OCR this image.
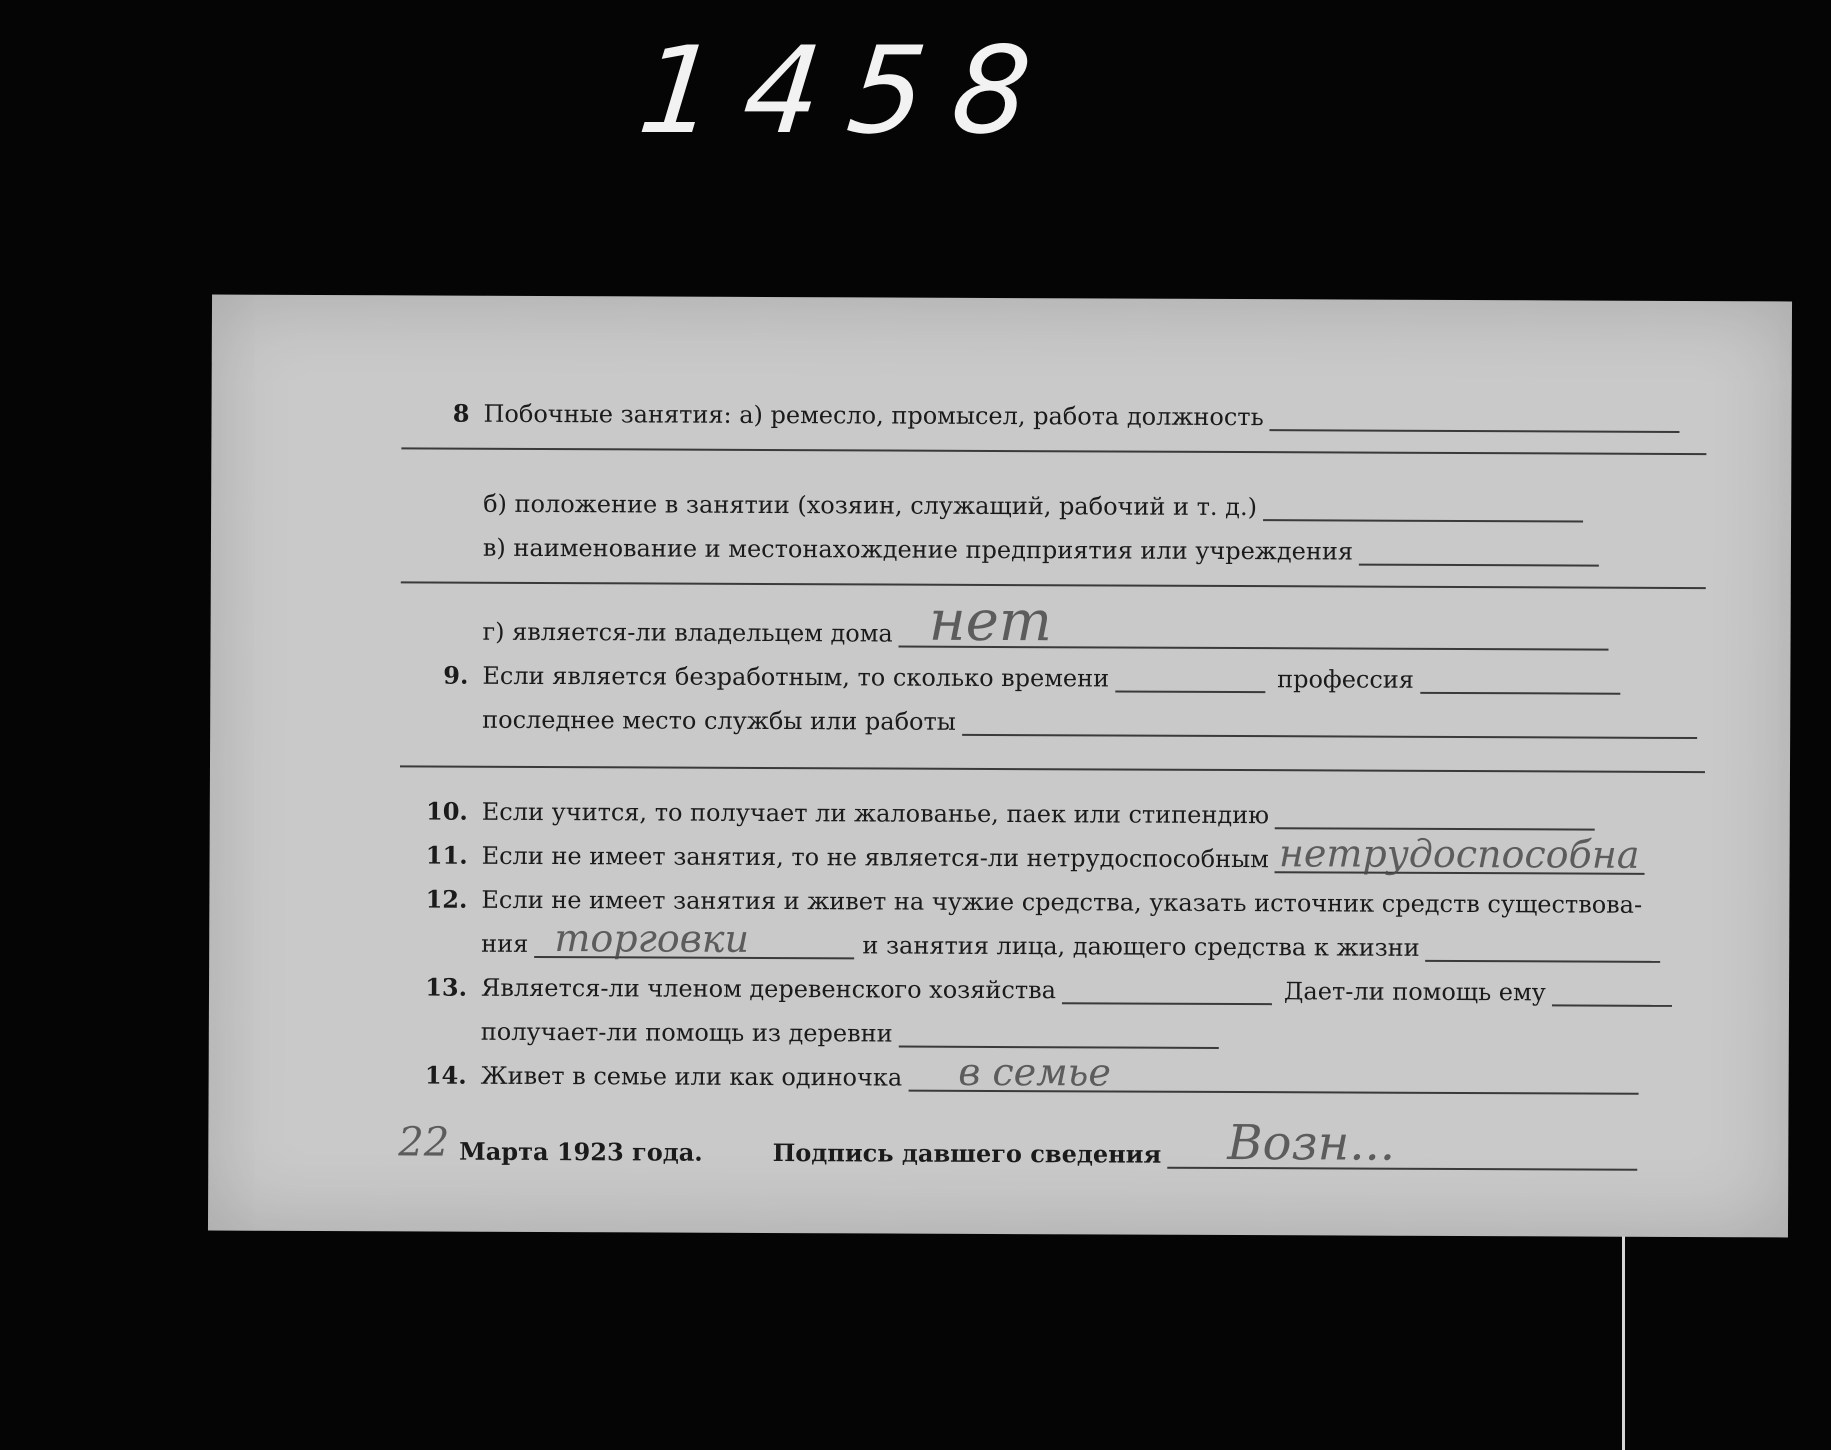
1458
8 Побочные занятия: а) ремесло, промысел, работа должность
б) положение в занятии (хозяин, служащий, рабочий и т. д.)
в) наименование и местонахождение предприятия или учреждения
г) является-ли владельцем дома нет
9. Если является безработным, то сколько времени	профессия
последнее место службы или работы
10. Если учится, то получает ли жалованье, паек или стипендию
11. Если не имеет занятия, то не является-ли нетрудоспособным нетрудоспособна
12. Если не имеет занятия и живет на чужие средства, указать источник средств существова-
ния торговки	и занятия лица, дающего средства к жизни
13. Является-ли членом деревенского хозяйства	Дает-ли помощь ему
получает-ли помощь из деревни
14. Живет в семье или как одиночка в семье
22 Марта 1923 года.	Подпись давшего сведения Возн...
